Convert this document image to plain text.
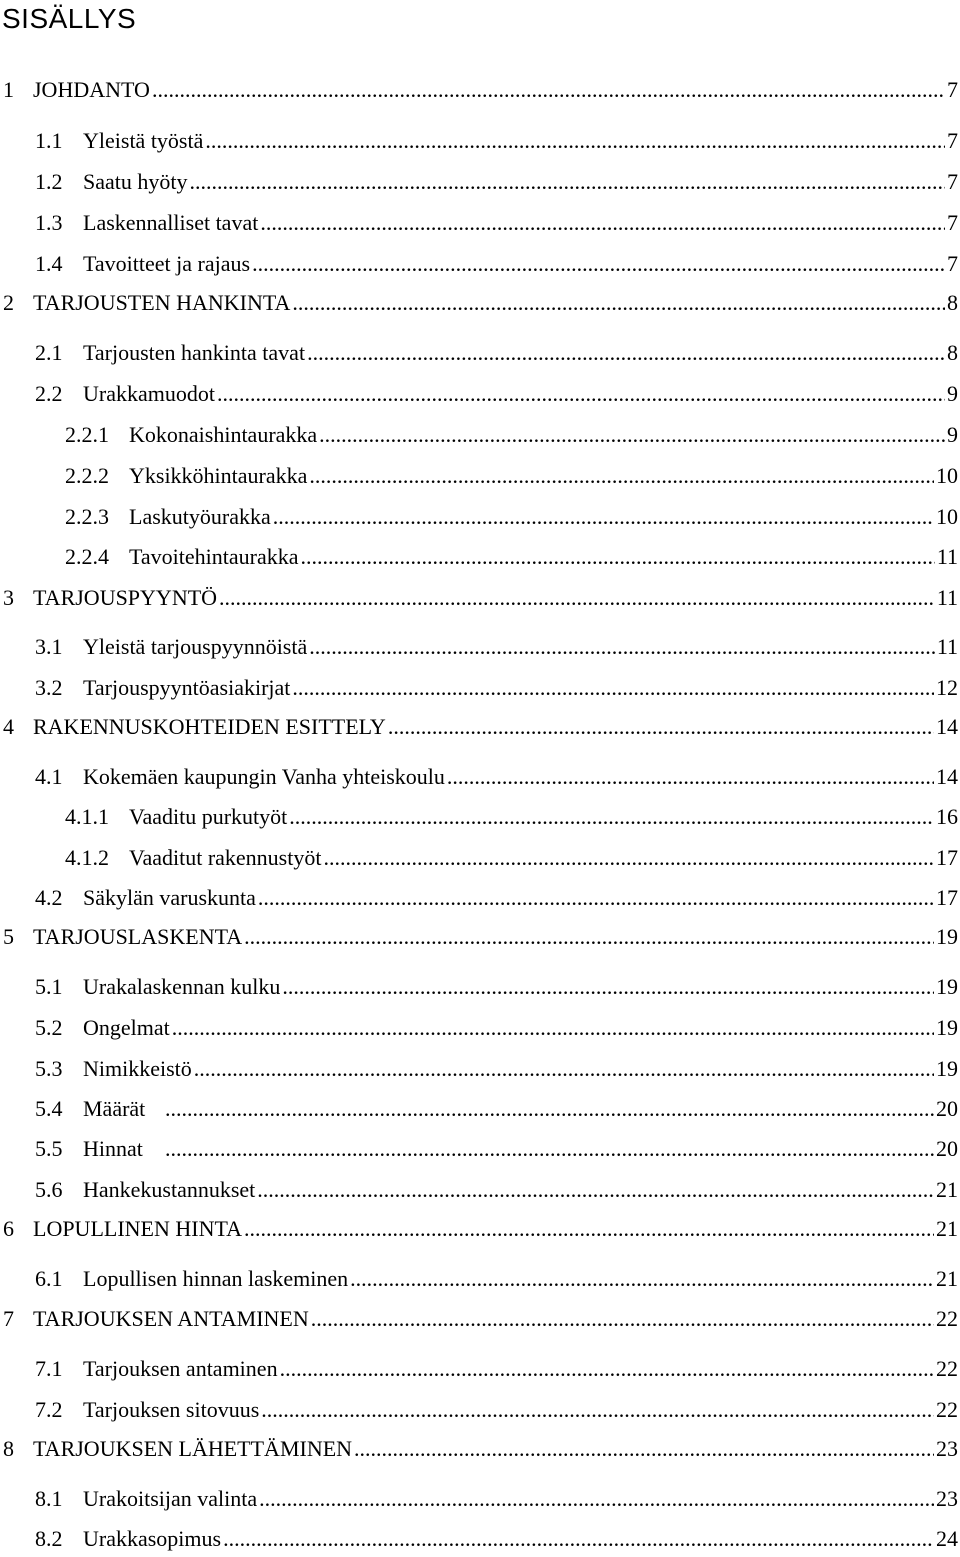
SISÄLLYS
1 JOHDANTO .....	7
1.1 Yleistä työstä .....	7
1.2 Saatu hyöty .....	7
1.3 Laskennalliset tavat .....	7
1.4 Tavoitteet ja rajaus .....	7
2 TARJOUSTEN HANKINTA .....	8
2.1 Tarjousten hankinta tavat .....	8
2.2 Urakkamuodot .....	9
2.2.1 Kokonaishintaurakka .....	9
2.2.2 Yksikköhintaurakka .....	10
2.2.3 Laskutyöurakka .....	10
2.2.4 Tavoitehintaurakka .....	11
3 TARJOUSPYYNTÖ .....	11
3.1 Yleistä tarjouspyynnöistä .....	11
3.2 Tarjouspyyntöasiakirjat .....	12
4 RAKENNUSKOHTEIDEN ESITTELY .....	14
4.1 Kokemäen kaupungin Vanha yhteiskoulu .....	14
4.1.1 Vaaditu purkutyöt .....	16
4.1.2 Vaaditut rakennustyöt .....	17
4.2 Säkylän varuskunta .....	17
5 TARJOUSLASKENTA .....	19
5.1 Urakalaskennan kulku .....	19
5.2 Ongelmat .....	19
5.3 Nimikkeistö .....	19
5.4 Määrät .....	20
5.5 Hinnat .....	20
5.6 Hankekustannukset .....	21
6 LOPULLINEN HINTA .....	21
6.1 Lopullisen hinnan laskeminen .....	21
7 TARJOUKSEN ANTAMINEN .....	22
7.1 Tarjouksen antaminen .....	22
7.2 Tarjouksen sitovuus .....	22
8 TARJOUKSEN LÄHETTÄMINEN .....	23
8.1 Urakoitsijan valinta .....	23
8.2 Urakkasopimus .....	24
